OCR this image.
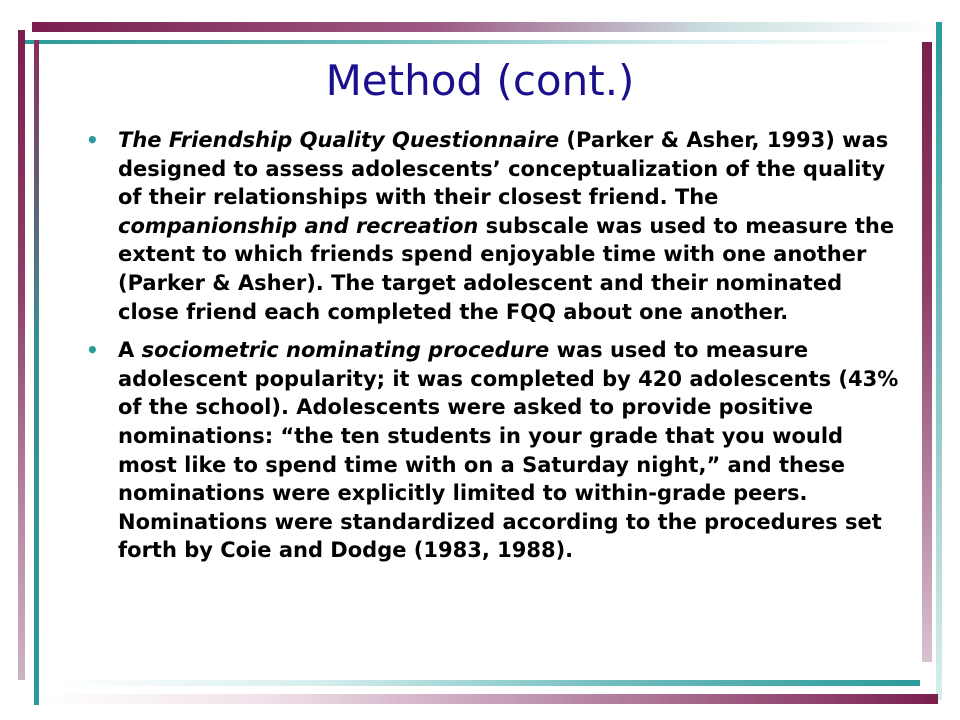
Method (cont.)
• The Friendship Quality Questionnaire (Parker & Asher, 1993) was designed to assess adolescents’ conceptualization of the quality of their relationships with their closest friend. The companionship and recreation subscale was used to measure the extent to which friends spend enjoyable time with one another (Parker & Asher). The target adolescent and their nominated close friend each completed the FQQ about one another.
• A sociometric nominating procedure was used to measure adolescent popularity; it was completed by 420 adolescents (43% of the school). Adolescents were asked to provide positive nominations: “the ten students in your grade that you would most like to spend time with on a Saturday night,” and these nominations were explicitly limited to within-grade peers. Nominations were standardized according to the procedures set forth by Coie and Dodge (1983, 1988).
